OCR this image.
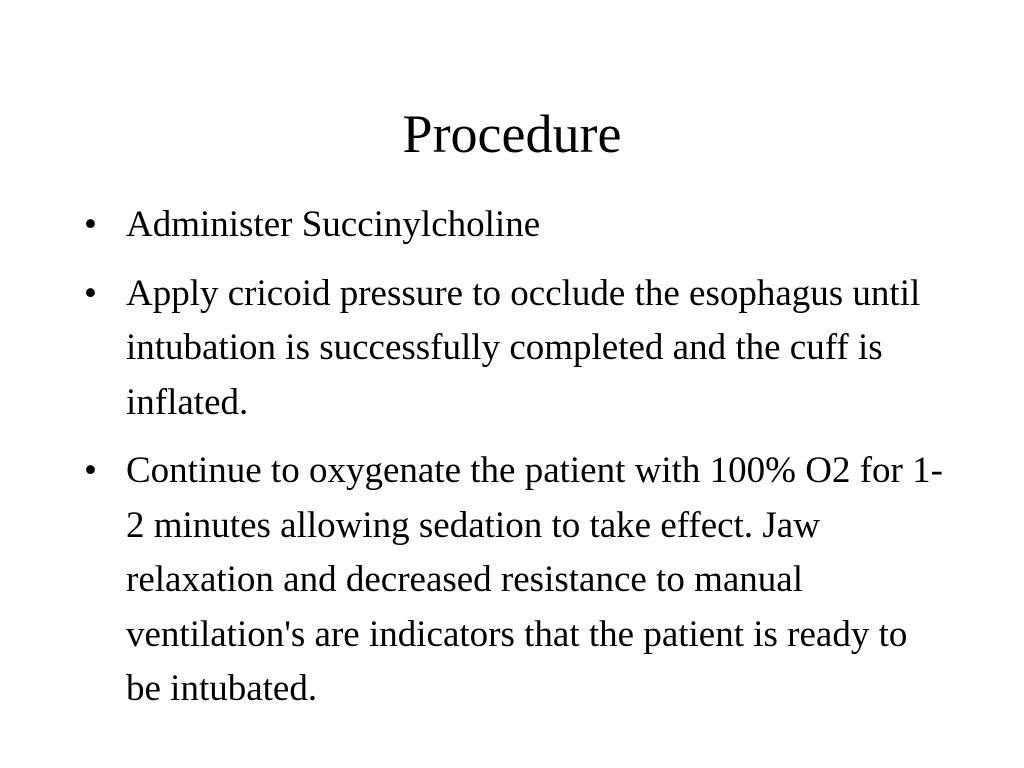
Procedure
• Administer Succinylcholine
• Apply cricoid pressure to occlude the esophagus until intubation is successfully completed and the cuff is inflated.
• Continue to oxygenate the patient with 100% O2 for 1-2 minutes allowing sedation to take effect. Jaw relaxation and decreased resistance to manual ventilation's are indicators that the patient is ready to be intubated.
